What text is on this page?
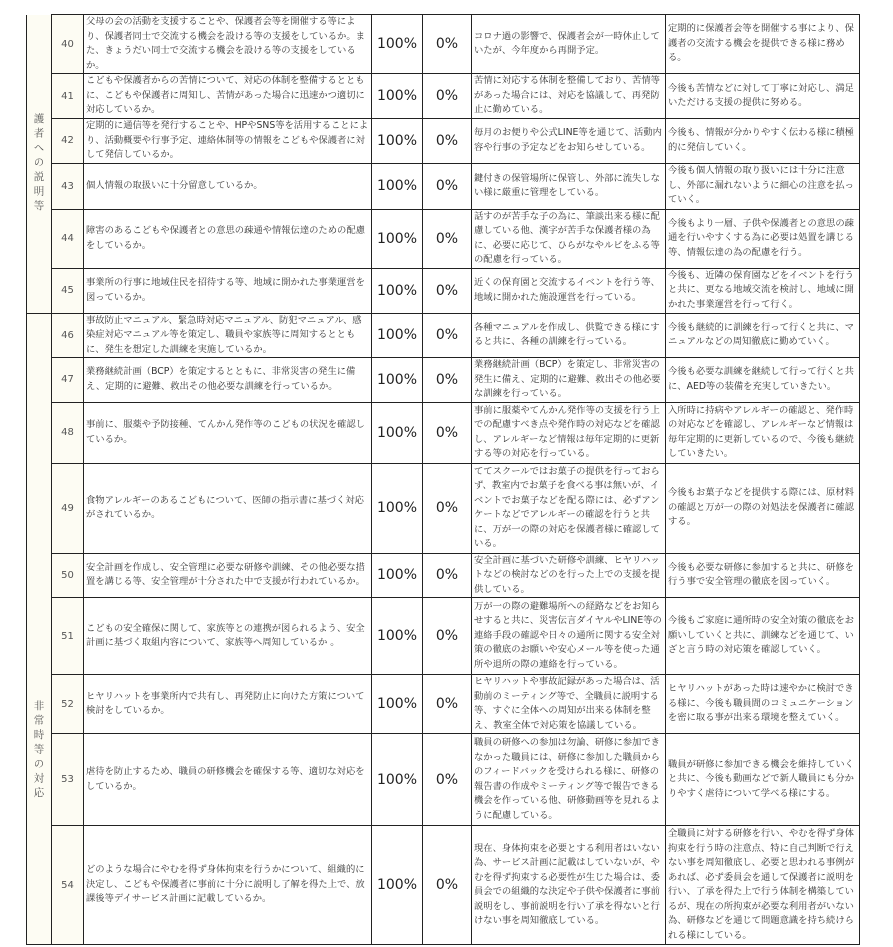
護者への説明等	40	父母の会の活動を支援することや、保護者会等を開催する等により、保護者同士で交流する機会を設ける等の支援をしているか。また、きょうだい同士で交流する機会を設ける等の支援をしているか。	100%	0%	コロナ過の影響で、保護者会が一時休止していたが、今年度から再開予定。	定期的に保護者会等を開催する事により、保護者の交流する機会を提供できる様に務める。
	41	こどもや保護者からの苦情について、対応の体制を整備するとともに、こどもや保護者に周知し、苦情があった場合に迅速かつ適切に対応しているか。	100%	0%	苦情に対応する体制を整備しており、苦情等があった場合には、対応を協議して、再発防止に勤めている。	今後も苦情などに対して丁寧に対応し、満足いただける支援の提供に努める。
	42	定期的に通信等を発行することや、HPやSNS等を活用することにより、活動概要や行事予定、連絡体制等の情報をこどもや保護者に対して発信しているか。	100%	0%	毎月のお便りや公式LINE等を通じて、活動内容や行事の予定などをお知らせしている。	今後も、情報が分かりやすく伝わる様に積極的に発信していく。
	43	個人情報の取扱いに十分留意しているか。	100%	0%	鍵付きの保管場所に保管し、外部に流失しない様に厳重に管理をしている。	今後も個人情報の取り扱いには十分に注意し、外部に漏れないように細心の注意を払っていく。
	44	障害のあるこどもや保護者との意思の疎通や情報伝達のための配慮をしているか。	100%	0%	話すのが苦手な子の為に、筆談出来る様に配慮している他、漢字が苦手な保護者様の為に、必要に応じて、ひらがなやルビをふる等の配慮を行っている。	今後もより一層、子供や保護者との意思の疎通を行いやすくする為に必要は処置を講じる等、情報伝達の為の配慮を行う。
	45	事業所の行事に地域住民を招待する等、地域に開かれた事業運営を図っているか。	100%	0%	近くの保育園と交流するイベントを行う等、地域に開かれた施設運営を行っている。	今後も、近隣の保育園などをイベントを行うと共に、更なる地域交流を検討し、地域に開かれた事業運営を行って行く。

非常時等の対応	46	事故防止マニュアル、緊急時対応マニュアル、防犯マニュアル、感染症対応マニュアル等を策定し、職員や家族等に周知するとともに、発生を想定した訓練を実施しているか。	100%	0%	各種マニュアルを作成し、供覧できる様にすると共に、各種の訓練を行っている。	今後も継続的に訓練を行って行くと共に、マニュアルなどの周知徹底に勤めていく。
	47	業務継続計画（BCP）を策定するとともに、非常災害の発生に備え、定期的に避難、救出その他必要な訓練を行っているか。	100%	0%	業務継続計画（BCP）を策定し、非常災害の発生に備え、定期的に避難、救出その他必要な訓練を行っている。	今後も必要な訓練を継続して行って行くと共に、AED等の装備を充実していきたい。
	48	事前に、服薬や予防接種、てんかん発作等のこどもの状況を確認しているか。	100%	0%	事前に服薬やてんかん発作等の支援を行う上での配慮すべき点や発作時の対応などを確認し、アレルギーなど情報は毎年定期的に更新する等の対応を行っている。	入所時に持病やアレルギーの確認と、発作時の対応などを確認し、アレルギーなど情報は毎年定期的に更新しているので、今後も継続していきたい。
	49	食物アレルギーのあるこどもについて、医師の指示書に基づく対応がされているか。	100%	0%	ててスクールではお菓子の提供を行っておらず、教室内でお菓子を食べる事は無いが、イベントでお菓子などを配る際には、必ずアンケートなどでアレルギーの確認を行うと共に、万が一の際の対応を保護者様に確認している。	今後もお菓子などを提供する際には、原材料の確認と万が一の際の対処法を保護者に確認する。
	50	安全計画を作成し、安全管理に必要な研修や訓練、その他必要な措置を講じる等、安全管理が十分された中で支援が行われているか。	100%	0%	安全計画に基づいた研修や訓練、ヒヤリハットなどの検討などのを行った上での支援を提供している。	今後も必要な研修に参加すると共に、研修を行う事で安全管理の徹底を図っていく。
	51	こどもの安全確保に関して、家族等との連携が図られるよう、安全計画に基づく取組内容について、家族等へ周知しているか 。	100%	0%	万が一の際の避難場所への経路などをお知らせすると共に、災害伝言ダイヤルやLINE等の連絡手段の確認や日々の通所に関する安全対策の徹底のお願いや安心メール等を使った通所や退所の際の連絡を行っている。	今後もご家庭に通所時の安全対策の徹底をお願いしていくと共に、訓練などを通じて、いざと言う時の対応策を確認していく。
	52	ヒヤリハットを事業所内で共有し、再発防止に向けた方策について検討をしているか。	100%	0%	ヒヤリハットや事故記録があった場合は、活動前のミーティング等で、全職員に説明する等、すぐに全体への周知が出来る体制を整え、教室全体で対応策を協議している。	ヒヤリハットがあった時は速やかに検討できる様に、今後も職員間のコミュニケーションを密に取る事が出来る環境を整えていく。
	53	虐待を防止するため、職員の研修機会を確保する等、適切な対応をしているか。	100%	0%	職員の研修への参加は勿論、研修に参加できなかった職員には、研修に参加した職員からのフィードバックを受けられる様に、研修の報告書の作成やミーティング等で報告できる機会を作っている他、研修動画等を見れるように配慮している。	職員が研修に参加できる機会を維持していくと共に、今後も動画などで新人職員にも分かりやすく虐待について学べる様にする。
	54	どのような場合にやむを得ず身体拘束を行うかについて、組織的に決定し、こどもや保護者に事前に十分に説明し了解を得た上で、放課後等デイサービス計画に記載しているか。	100%	0%	現在、身体拘束を必要とする利用者はいない為、サービス計画に記載はしていないが、やむを得ず拘束する必要性が生じた場合は、委員会での組織的な決定や子供や保護者に事前説明をし、事前説明を行い了承を得ないと行けない事を周知徹底している。	全職員に対する研修を行い、やむを得ず身体拘束を行う時の注意点、特に自己判断で行えない事を周知徹底し、必要と思われる事例があれば、必ず委員会を通して保護者に説明を行い、了承を得た上で行う体制を構築しているが、現在の所拘束が必要な利用者がいない為、研修などを通じて問題意識を持ち続けられる様にしている。
